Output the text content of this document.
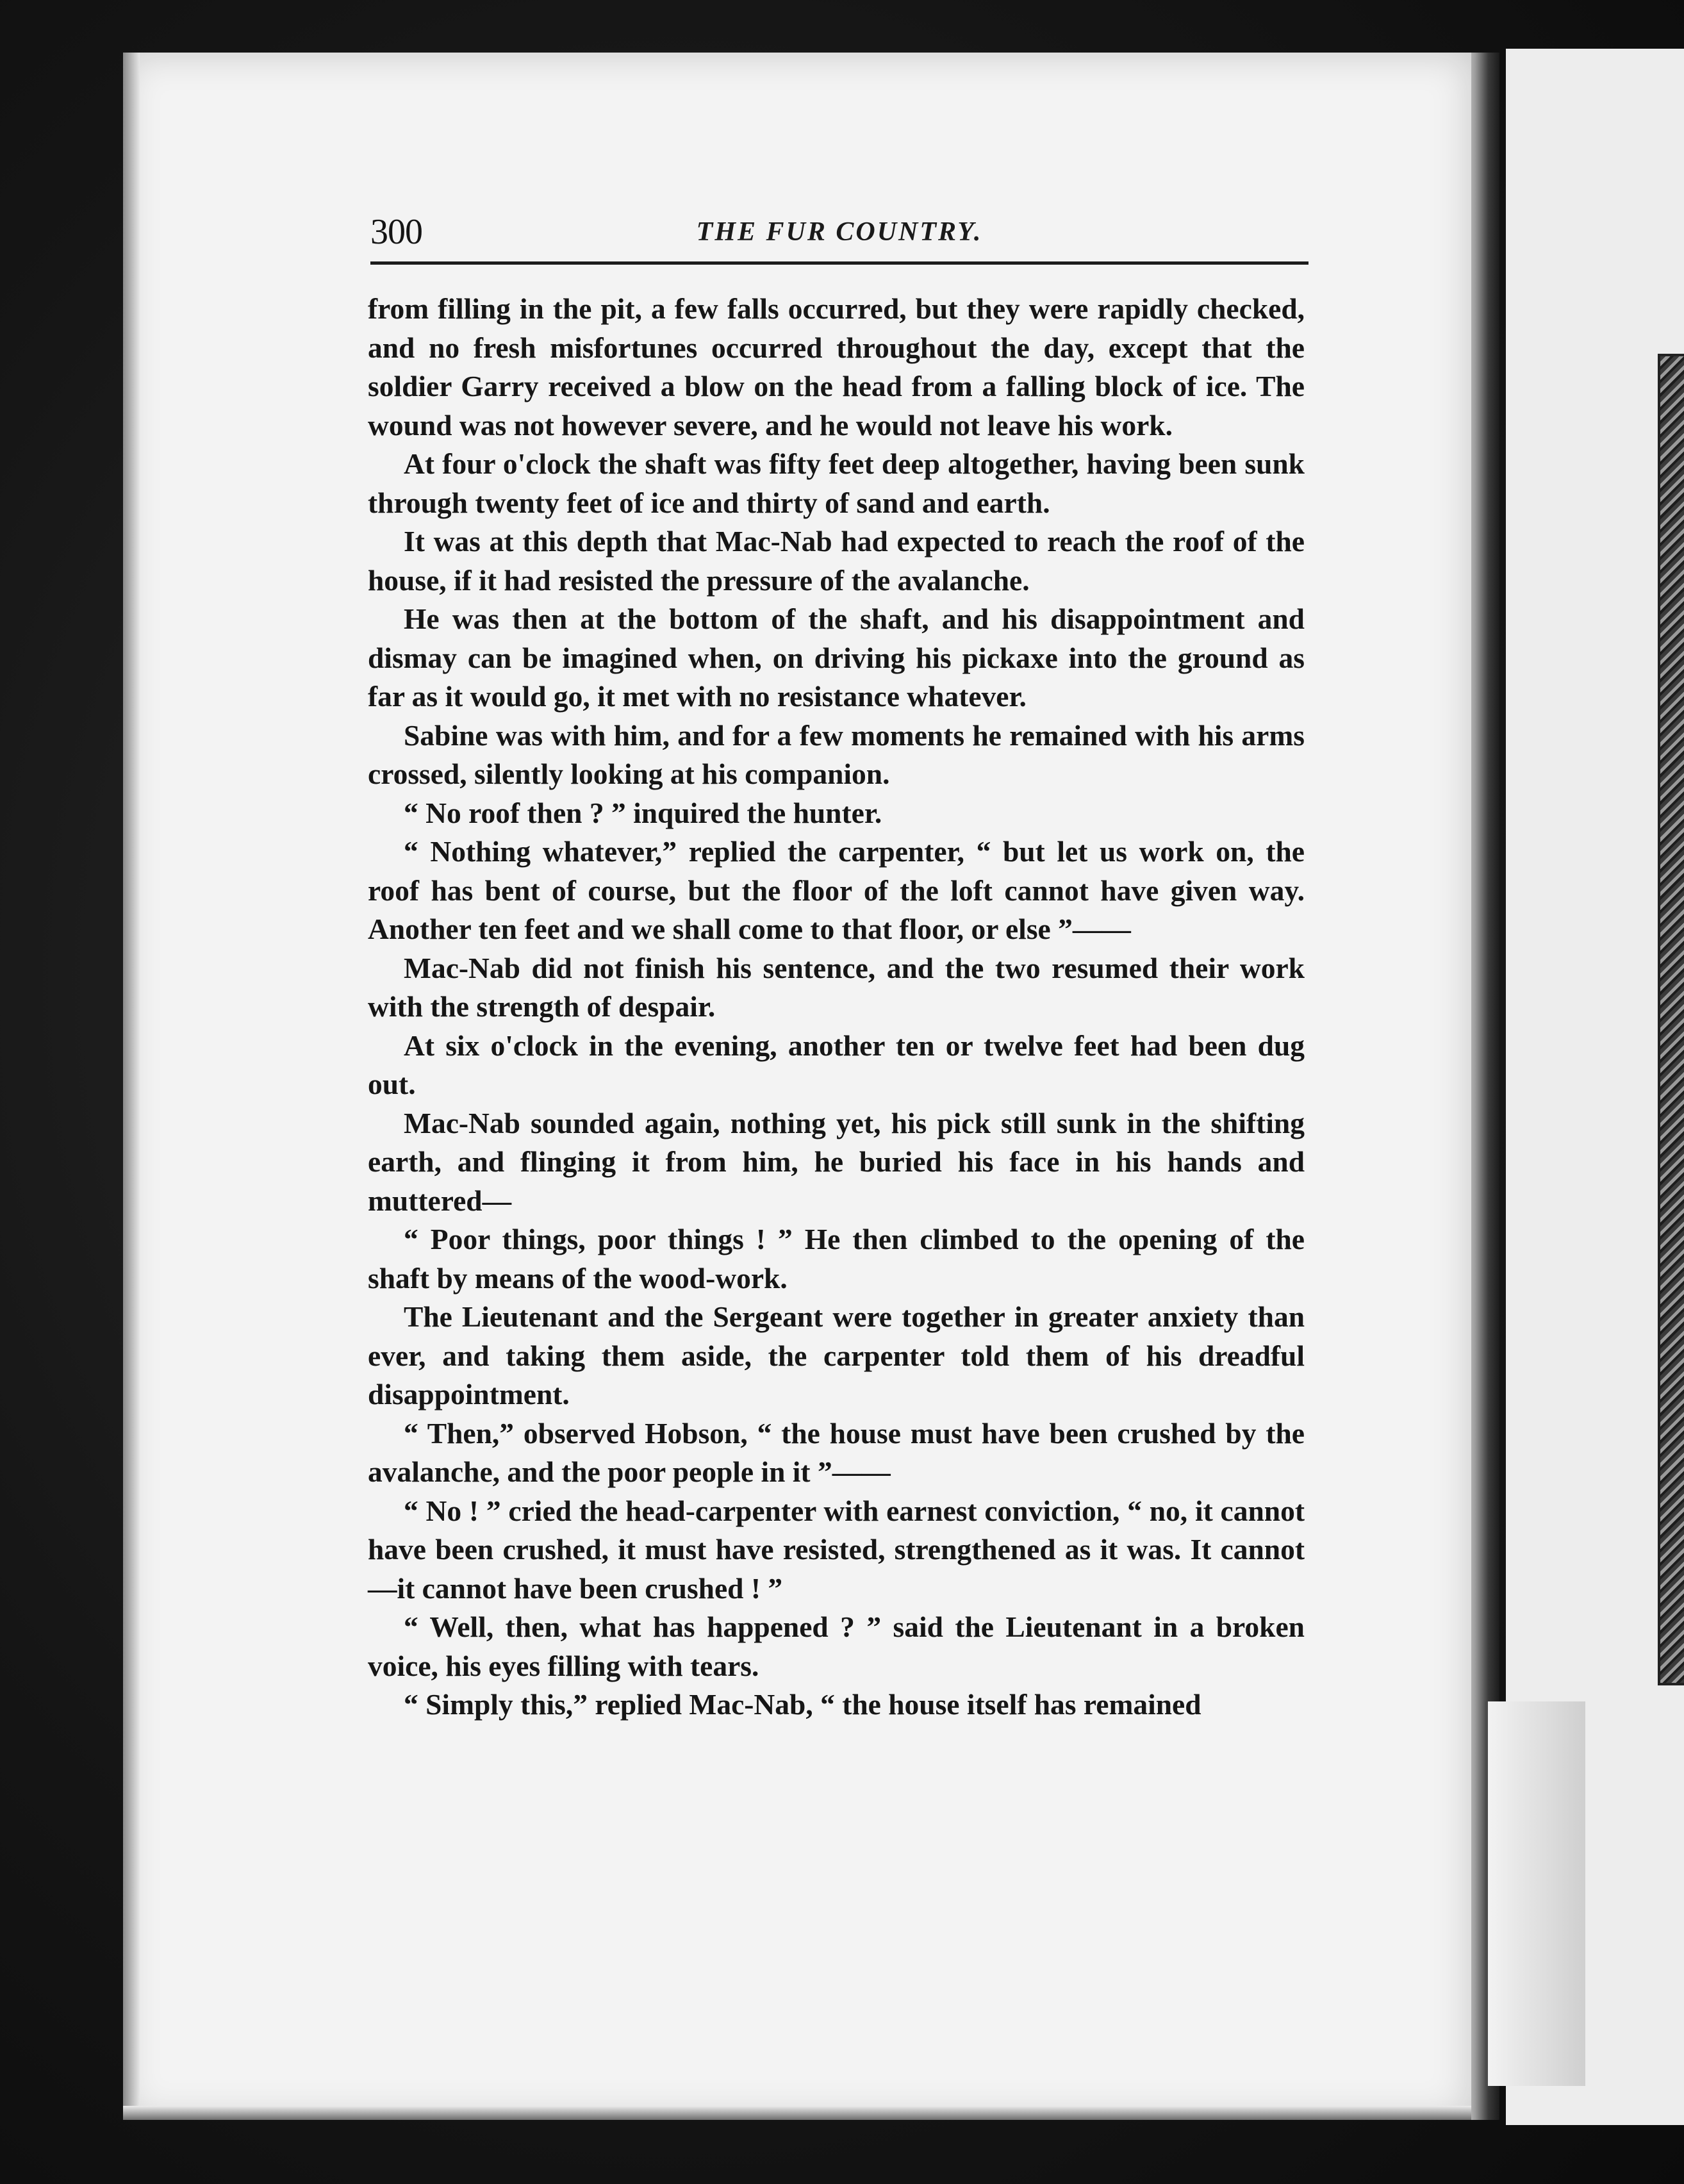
300	THE FUR COUNTRY.

from filling in the pit, a few falls occurred, but they were rapidly checked, and no fresh misfortunes occurred throughout the day, except that the soldier Garry received a blow on the head from a falling block of ice. The wound was not however severe, and he would not leave his work.

At four o'clock the shaft was fifty feet deep altogether, having been sunk through twenty feet of ice and thirty of sand and earth.

It was at this depth that Mac-Nab had expected to reach the roof of the house, if it had resisted the pressure of the avalanche.

He was then at the bottom of the shaft, and his disappointment and dismay can be imagined when, on driving his pickaxe into the ground as far as it would go, it met with no resistance whatever.

Sabine was with him, and for a few moments he remained with his arms crossed, silently looking at his companion.

“ No roof then ? ” inquired the hunter.

“ Nothing whatever,” replied the carpenter, “ but let us work on, the roof has bent of course, but the floor of the loft cannot have given way. Another ten feet and we shall come to that floor, or else ”——

Mac-Nab did not finish his sentence, and the two resumed their work with the strength of despair.

At six o'clock in the evening, another ten or twelve feet had been dug out.

Mac-Nab sounded again, nothing yet, his pick still sunk in the shifting earth, and flinging it from him, he buried his face in his hands and muttered—

“ Poor things, poor things ! ” He then climbed to the opening of the shaft by means of the wood-work.

The Lieutenant and the Sergeant were together in greater anxiety than ever, and taking them aside, the carpenter told them of his dreadful disappointment.

“ Then,” observed Hobson, “ the house must have been crushed by the avalanche, and the poor people in it ”——

“ No ! ” cried the head-carpenter with earnest conviction, “ no, it cannot have been crushed, it must have resisted, strengthened as it was. It cannot—it cannot have been crushed ! ”

“ Well, then, what has happened ? ” said the Lieutenant in a broken voice, his eyes filling with tears.

“ Simply this,” replied Mac-Nab, “ the house itself has remained
